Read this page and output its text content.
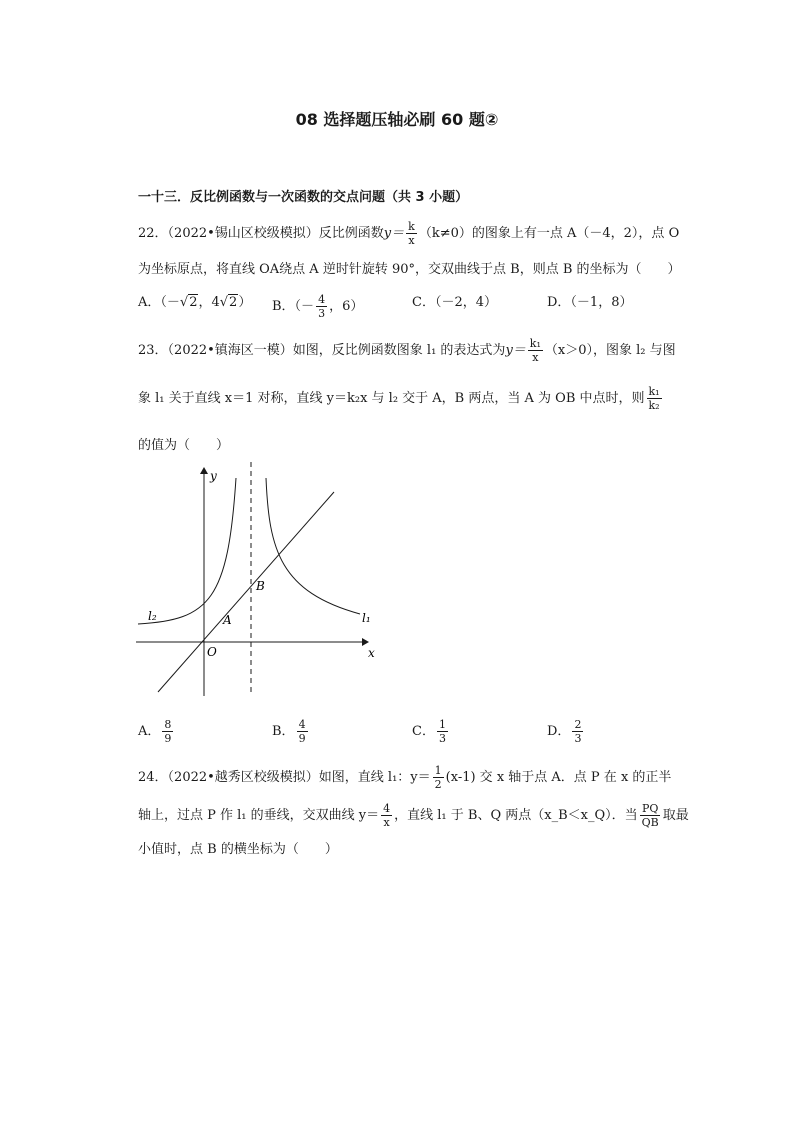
08 选择题压轴必刷 60 题②
一十三．反比例函数与一次函数的交点问题（共 3 小题）
22．（2022•锡山区校级模拟）反比例函数$y= \frac{k}{x} (k\ne 0)$的图象上有一点 A（－4，2），点 O
为坐标原点，将直线 OA绕点 A 逆时针旋转 90°，交双曲线于点 B，则点 B 的坐标为（　　）
A．（－√2，4√2） B．（－ $\frac{4}{3}$ ，6）	C．（－2，4）	D．（－1，8）
23．（2022•镇海区一模）如图，反比例函数图象 l₁ 的表达式为$y= \frac{\text{k₁}}{x} (x>0)$，图象 l₂ 与图
象 l₁ 关于直线 x＝1 对称，直线 y＝k₂x 与 l₂ 交于 A，B 两点，当 A 为 OB 中点时，则 $\frac{\text{k₁}}{\text{k₂}}$
的值为（　　）
y
x
O
A
B
l₁
l₂
A． $\frac{8}{9}$	B． $\frac{4}{9}$	C． $\frac{1}{3}$	D． $\frac{2}{3}$
24．（2022•越秀区校级模拟）如图，直线 l₁：$y= \frac{1}{2} (x-1)$ 交 x 轴于点 A．点 P 在 x 的正半
轴上，过点 P 作 l₁ 的垂线，交双曲线 $y= \frac{4}{x}$ ，直线 l₁ 于 B、Q 两点（x_B＜x_Q）．当 $\frac{PQ}{QB}$ 取最
小值时，点 B 的横坐标为（　　）
